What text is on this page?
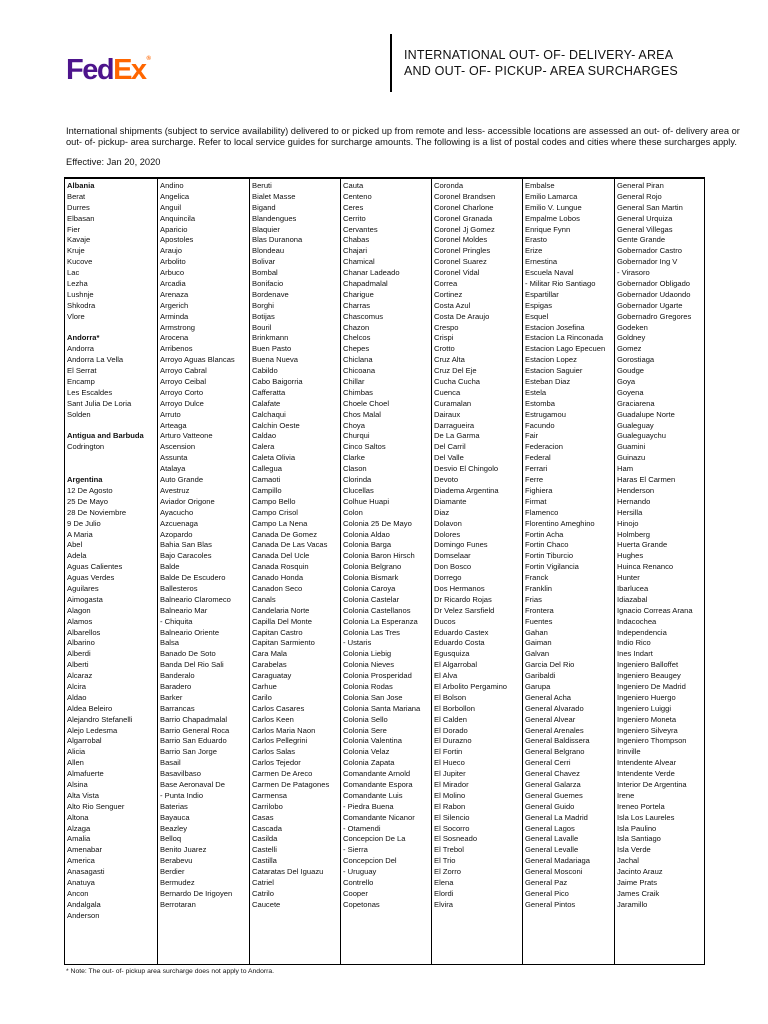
FedEx®	INTERNATIONAL OUT- OF- DELIVERY- AREA
AND OUT- OF- PICKUP- AREA SURCHARGES
International shipments (subject to service availability) delivered to or picked up from remote and less- accessible locations are assessed an out- of- delivery area or
out- of- pickup- area surcharge. Refer to local service guides for surcharge amounts. The following is a list of postal codes and cities where these surcharges apply.
Effective: Jan 20, 2020
Albania
Berat
Durres
Elbasan
Fier
Kavaje
Kruje
Kucove
Lac
Lezha
Lushnje
Shkodra
Vlore
Andorra*
Andorra
Andorra La Vella
El Serrat
Encamp
Les Escaldes
Sant Julia De Loria
Solden
Antigua and Barbuda
Codrington
Argentina
12 De Agosto
25 De Mayo
28 De Noviembre
9 De Julio
A Maria
Abel
Adela
Aguas Calientes
Aguas Verdes
Aguilares
Aimogasta
Alagon
Alamos
Albarellos
Albarino
Alberdi
Alberti
Alcaraz
Alcira
Aldao
Aldea Beleiro
Alejandro Stefanelli
Alejo Ledesma
Algarrobal
Alicia
Allen
Almafuerte
Alsina
Alta Vista
Alto Rio Senguer
Altona
Alzaga
Amalia
Amenabar
America
Anasagasti
Anatuya
Ancon
Andalgala
Anderson
Andino
Angelica
Anguil
Anquincila
Aparicio
Apostoles
Araujo
Arbolito
Arbuco
Arcadia
Arenaza
Argerich
Arminda
Armstrong
Arocena
Arribenos
Arroyo Aguas Blancas
Arroyo Cabral
Arroyo Ceibal
Arroyo Corto
Arroyo Dulce
Arruto
Arteaga
Arturo Vatteone
Ascension
Assunta
Atalaya
Auto Grande
Avestruz
Aviador Origone
Ayacucho
Azcuenaga
Azopardo
Bahia San Blas
Bajo Caracoles
Balde
Balde De Escudero
Ballesteros
Balneario Claromeco
Balneario Mar
- Chiquita
Balneario Oriente
Balsa
Banado De Soto
Banda Del Rio Sali
Banderalo
Baradero
Barker
Barrancas
Barrio Chapadmalal
Barrio General Roca
Barrio San Eduardo
Barrio San Jorge
Basail
Basavilbaso
Base Aeronaval De
- Punta Indio
Baterias
Bayauca
Beazley
Belloq
Benito Juarez
Berabevu
Berdier
Bermudez
Bernardo De Irigoyen
Berrotaran
Beruti
Bialet Masse
Bigand
Blandengues
Blaquier
Blas Duranona
Blondeau
Bolivar
Bombal
Bonifacio
Bordenave
Borghi
Botijas
Bouril
Brinkmann
Buen Pasto
Buena Nueva
Cabildo
Cabo Baigorria
Cafferatta
Calafate
Calchaqui
Calchin Oeste
Caldao
Calera
Caleta Olivia
Callegua
Camaoti
Campillo
Campo Bello
Campo Crisol
Campo La Nena
Canada De Gomez
Canada De Las Vacas
Canada Del Ucle
Canada Rosquin
Canado Honda
Canadon Seco
Canals
Candelaria Norte
Capilla Del Monte
Capitan Castro
Capitan Sarmiento
Cara Mala
Carabelas
Caraguatay
Carhue
Carilo
Carlos Casares
Carlos Keen
Carlos Maria Naon
Carlos Pellegrini
Carlos Salas
Carlos Tejedor
Carmen De Areco
Carmen De Patagones
Carmensa
Carrilobo
Casas
Cascada
Casilda
Castelli
Castilla
Cataratas Del Iguazu
Catriel
Catrilo
Caucete
Cauta
Centeno
Ceres
Cerrito
Cervantes
Chabas
Chajari
Chamical
Chanar Ladeado
Chapadmalal
Charigue
Charras
Chascomus
Chazon
Chelcos
Chepes
Chiclana
Chicoana
Chillar
Chimbas
Choele Choel
Chos Malal
Choya
Churqui
Cinco Saltos
Clarke
Clason
Clorinda
Clucellas
Colhue Huapi
Colon
Colonia 25 De Mayo
Colonia Aldao
Colonia Barga
Colonia Baron Hirsch
Colonia Belgrano
Colonia Bismark
Colonia Caroya
Colonia Castelar
Colonia Castellanos
Colonia La Esperanza
Colonia Las Tres
- Ustaris
Colonia Liebig
Colonia Nieves
Colonia Prosperidad
Colonia Rodas
Colonia San Jose
Colonia Santa Mariana
Colonia Sello
Colonia Sere
Colonia Valentina
Colonia Velaz
Colonia Zapata
Comandante Arnold
Comandante Espora
Comandante Luis
- Piedra Buena
Comandante Nicanor
- Otamendi
Concepcion De La
- Sierra
Concepcion Del
- Uruguay
Contrello
Cooper
Copetonas
Coronda
Coronel Brandsen
Coronel Charlone
Coronel Granada
Coronel Jj Gomez
Coronel Moldes
Coronel Pringles
Coronel Suarez
Coronel Vidal
Correa
Cortinez
Costa Azul
Costa De Araujo
Crespo
Crispi
Crotto
Cruz Alta
Cruz Del Eje
Cucha Cucha
Cuenca
Curamalan
Dairaux
Darragueira
De La Garma
Del Carril
Del Valle
Desvio El Chingolo
Devoto
Diadema Argentina
Diamante
Diaz
Dolavon
Dolores
Domingo Funes
Domselaar
Don Bosco
Dorrego
Dos Hermanos
Dr Ricardo Rojas
Dr Velez Sarsfield
Ducos
Eduardo Castex
Eduardo Costa
Egusquiza
El Algarrobal
El Alva
El Arbolito Pergamino
El Bolson
El Borbollon
El Calden
El Dorado
El Durazno
El Fortin
El Hueco
El Jupiter
El Mirador
El Molino
El Rabon
El Silencio
El Socorro
El Sosneado
El Trebol
El Trio
El Zorro
Elena
Elordi
Elvira
Embalse
Emilio Lamarca
Emilio V. Lungue
Empalme Lobos
Enrique Fynn
Erasto
Erize
Ernestina
Escuela Naval
- Militar Rio Santiago
Espartillar
Espigas
Esquel
Estacion Josefina
Estacion La Rinconada
Estacion Lago Epecuen
Estacion Lopez
Estacion Saguier
Esteban Diaz
Estela
Estomba
Estrugamou
Facundo
Fair
Federacion
Federal
Ferrari
Ferre
Fighiera
Firmat
Flamenco
Florentino Ameghino
Fortin Acha
Fortin Chaco
Fortin Tiburcio
Fortin Vigilancia
Franck
Franklin
Frias
Frontera
Fuentes
Gahan
Gaiman
Galvan
Garcia Del Rio
Garibaldi
Garupa
General Acha
General Alvarado
General Alvear
General Arenales
General Baldissera
General Belgrano
General Cerri
General Chavez
General Galarza
General Guemes
General Guido
General La Madrid
General Lagos
General Lavalle
General Levalle
General Madariaga
General Mosconi
General Paz
General Pico
General Pintos
General Piran
General Rojo
General San Martin
General Urquiza
General Villegas
Gente Grande
Gobernador Castro
Gobernador Ing V
- Virasoro
Gobernador Obligado
Gobernador Udaondo
Gobernador Ugarte
Gobernadro Gregores
Godeken
Goldney
Gomez
Gorostiaga
Goudge
Goya
Goyena
Graciarena
Guadalupe Norte
Gualeguay
Gualeguaychu
Guamini
Guinazu
Ham
Haras El Carmen
Henderson
Hernando
Hersilla
Hinojo
Holmberg
Huerta Grande
Hughes
Huinca Renanco
Hunter
Ibarlucea
Idiazabal
Ignacio Correas Arana
Indacochea
Independencia
Indio Rico
Ines Indart
Ingeniero Balloffet
Ingeniero Beaugey
Ingeniero De Madrid
Ingeniero Huergo
Ingeniero Luiggi
Ingeniero Moneta
Ingeniero Silveyra
Ingeniero Thompson
Irinville
Intendente Alvear
Intendente Verde
Interior De Argentina
Irene
Ireneo Portela
Isla Los Laureles
Isla Paulino
Isla Santiago
Isla Verde
Jachal
Jacinto Arauz
Jaime Prats
James Craik
Jaramillo
* Note: The out- of- pickup area surcharge does not apply to Andorra.
